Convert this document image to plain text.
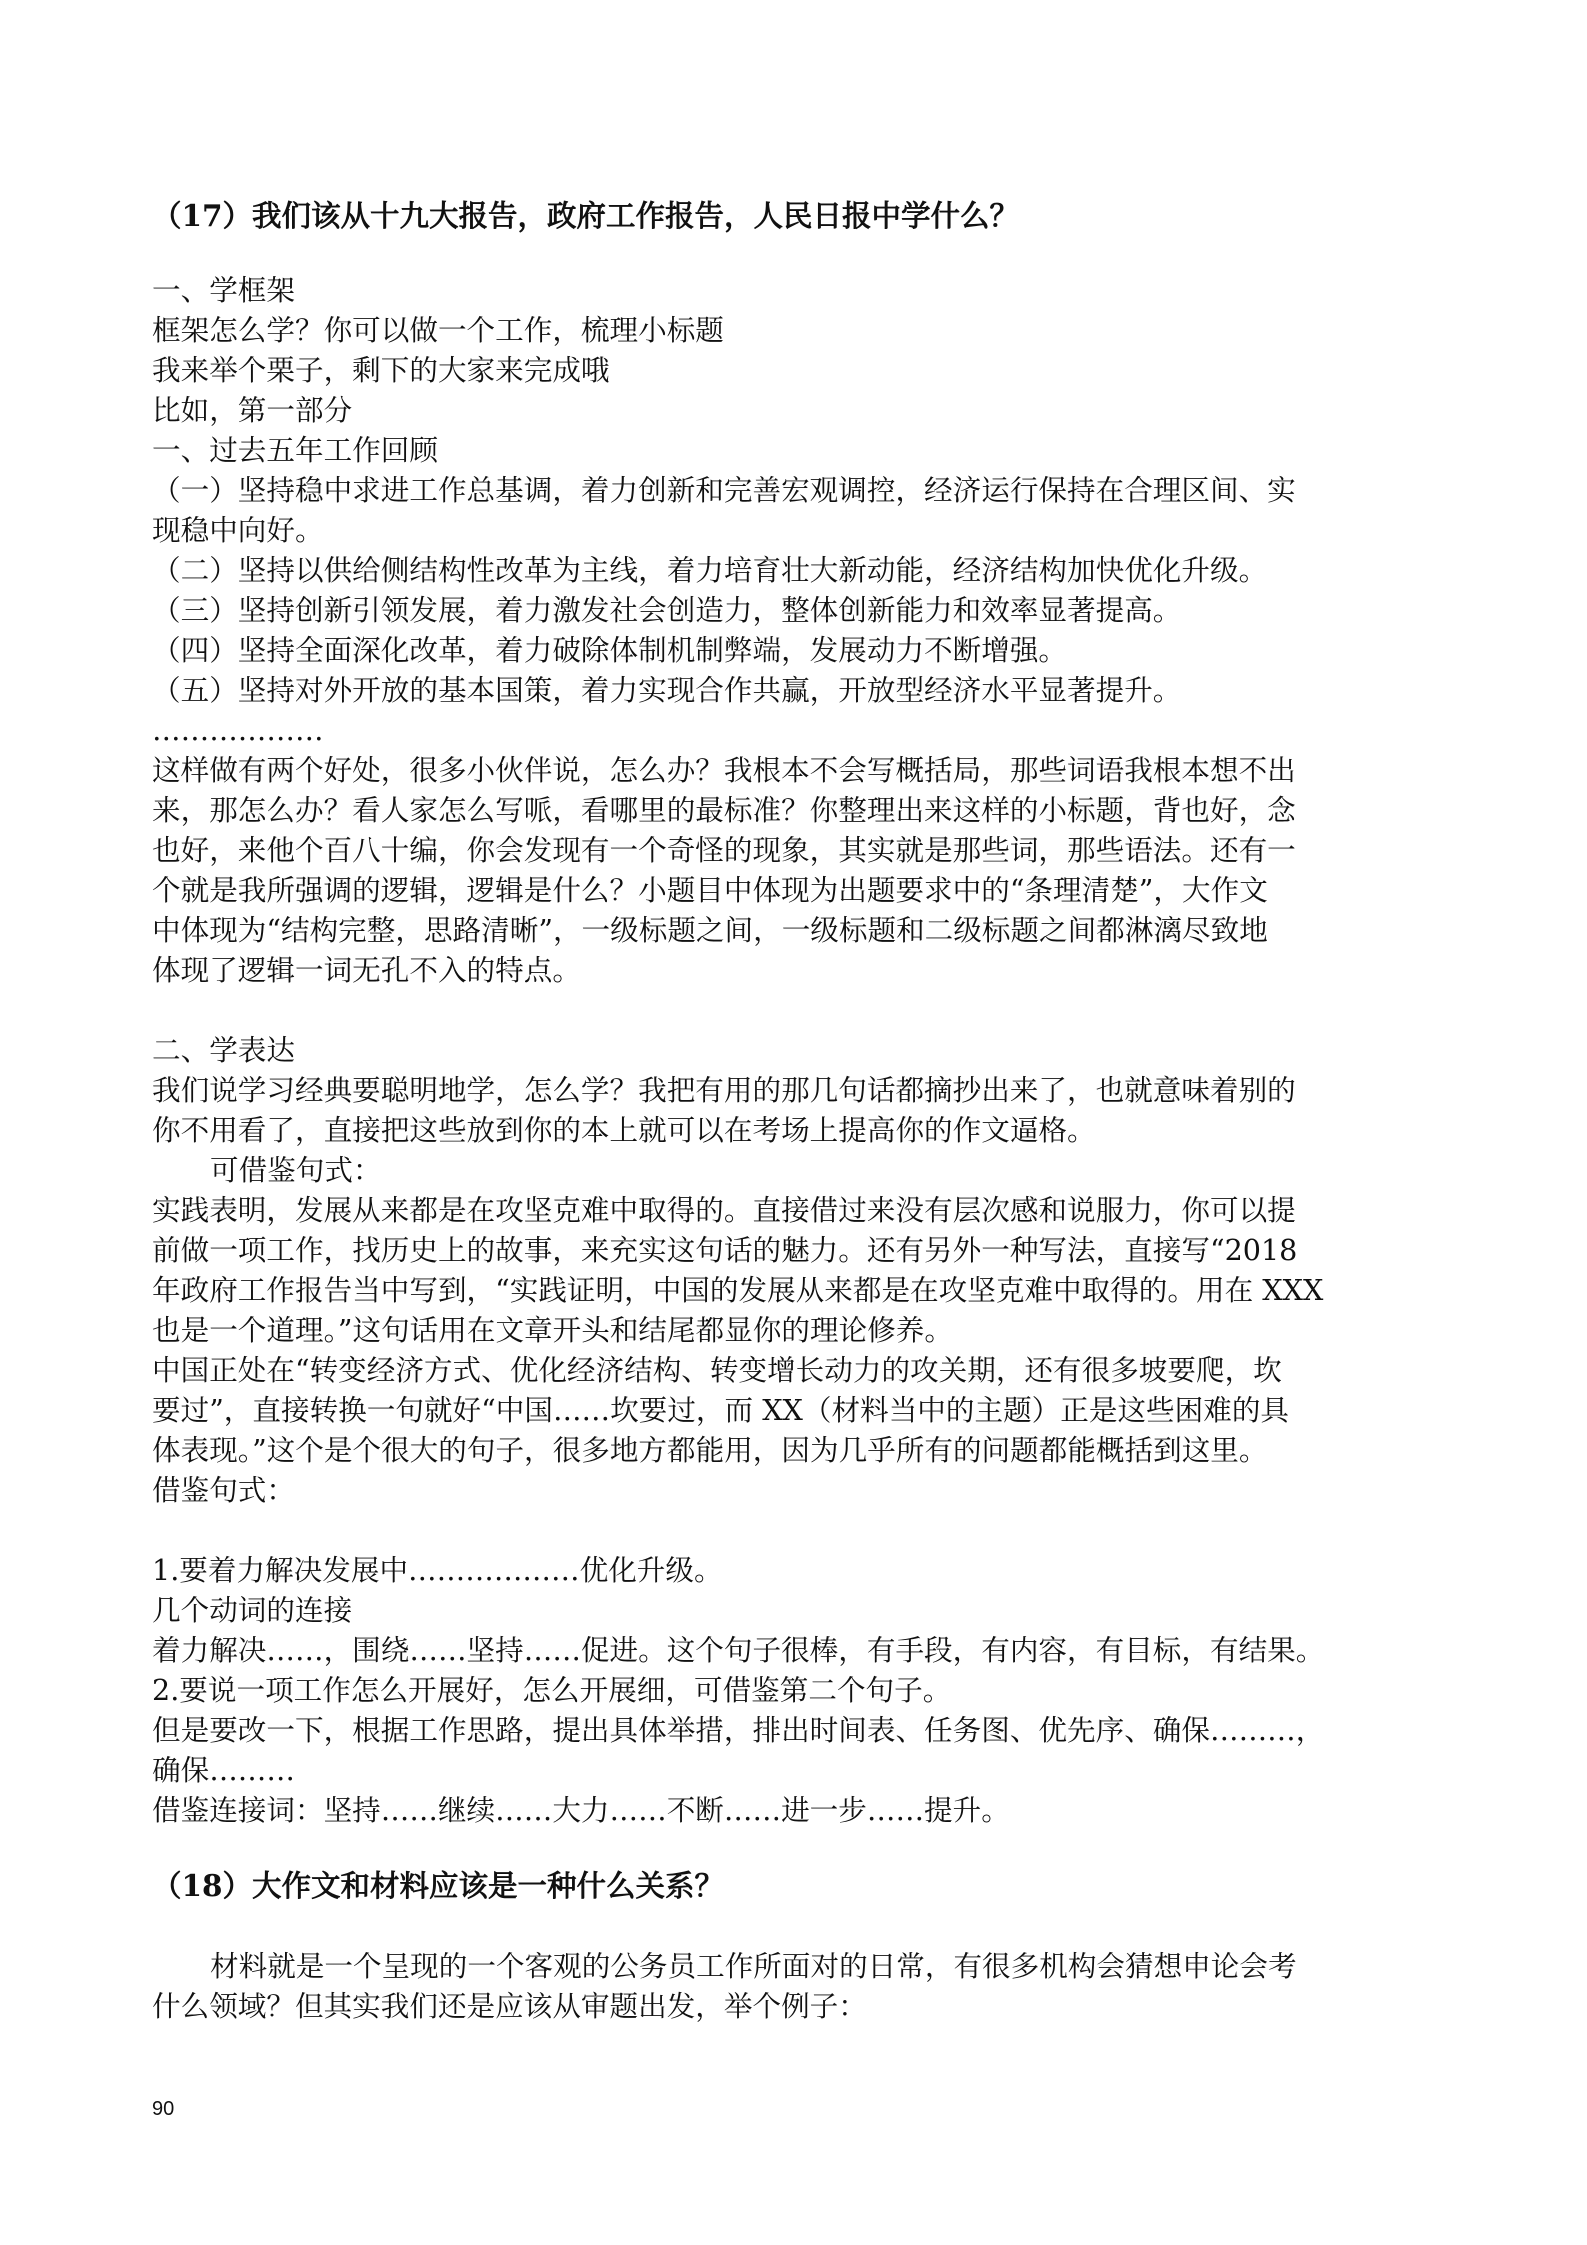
（17）我们该从十九大报告，政府工作报告，人民日报中学什么？
一、学框架
框架怎么学？你可以做一个工作，梳理小标题
我来举个栗子，剩下的大家来完成哦
比如，第一部分
一、过去五年工作回顾
（一）坚持稳中求进工作总基调，着力创新和完善宏观调控，经济运行保持在合理区间、实
现稳中向好。
（二）坚持以供给侧结构性改革为主线，着力培育壮大新动能，经济结构加快优化升级。
（三）坚持创新引领发展，着力激发社会创造力，整体创新能力和效率显著提高。
（四）坚持全面深化改革，着力破除体制机制弊端，发展动力不断增强。
（五）坚持对外开放的基本国策，着力实现合作共赢，开放型经济水平显著提升。
………………
这样做有两个好处，很多小伙伴说，怎么办？我根本不会写概括局，那些词语我根本想不出
来，那怎么办？看人家怎么写哌，看哪里的最标准？你整理出来这样的小标题，背也好，念
也好，来他个百八十编，你会发现有一个奇怪的现象，其实就是那些词，那些语法。还有一
个就是我所强调的逻辑，逻辑是什么？小题目中体现为出题要求中的“条理清楚”，大作文
中体现为“结构完整，思路清晰”，一级标题之间，一级标题和二级标题之间都淋漓尽致地
体现了逻辑一词无孔不入的特点。
二、学表达
我们说学习经典要聪明地学，怎么学？我把有用的那几句话都摘抄出来了，也就意味着别的
你不用看了，直接把这些放到你的本上就可以在考场上提高你的作文逼格。
可借鉴句式：
实践表明，发展从来都是在攻坚克难中取得的。直接借过来没有层次感和说服力，你可以提
前做一项工作，找历史上的故事，来充实这句话的魅力。还有另外一种写法，直接写“2018
年政府工作报告当中写到，“实践证明，中国的发展从来都是在攻坚克难中取得的。用在 XXX
也是一个道理。”这句话用在文章开头和结尾都显你的理论修养。
中国正处在“转变经济方式、优化经济结构、转变增长动力的攻关期，还有很多坡要爬，坎
要过”，直接转换一句就好“中国……坎要过，而 XX（材料当中的主题）正是这些困难的具
体表现。”这个是个很大的句子，很多地方都能用，因为几乎所有的问题都能概括到这里。
借鉴句式：
1.要着力解决发展中………………优化升级。
几个动词的连接
着力解决……，围绕……坚持……促进。这个句子很棒，有手段，有内容，有目标，有结果。
2.要说一项工作怎么开展好，怎么开展细，可借鉴第二个句子。
但是要改一下，根据工作思路，提出具体举措，排出时间表、任务图、优先序、确保………，
确保………
借鉴连接词：坚持……继续……大力……不断……进一步……提升。
（18）大作文和材料应该是一种什么关系？
材料就是一个呈现的一个客观的公务员工作所面对的日常，有很多机构会猜想申论会考
什么领域？但其实我们还是应该从审题出发，举个例子：
90
